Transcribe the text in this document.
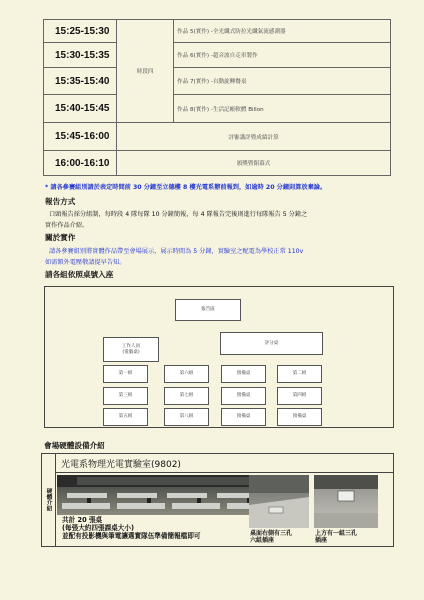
15:25-15:30	時段四	作品 5(實作) -全光纖式防拉光纖氣流感測器
15:30-15:35		作品 6(實作) -超音波自走車製作
15:35-15:40		作品 7(實作) -自動旋轉餐桌
15:40-15:45		作品 8(實作) -生活記帳軟體 Billon
15:45-16:00	評審講評暨成績計算	
16:00-16:10	頒獎暨閉幕式	
* 請各參賽組別請於表定時間前 30 分鐘至立德樓 8 樓光電系辦前報到，如逾時 20 分鐘則算放棄論。
報告方式
口頭報告採分組制，每時段 4 隊每隊 10 分鐘簡報，每 4 隊報告完後則進行每隊報告 5 分鐘之
實作作品介紹。
關於實作
請各參賽組別將實體作品帶至會場展示，展示時間為 5 分鐘，實驗室之配電為學校正常 110v
如需額外電壓敬請提早告知。
請各組依照桌號入座
報告區
工作人員
(電腦桌)
評分桌
第一組	第六組	預備桌	第二組
第三組	第七組	預備桌	第四組
第五組	第八組	預備桌	預備桌
會場硬體設備介紹
硬體介紹
光電系物理光電實驗室(9802)
共計 20 張桌
(每張大約四張課桌大小)
並配有投影機與筆電讓選實隊伍準備簡報檔即可	桌面右側有三孔
六組插座
上方有一組三孔
插座
